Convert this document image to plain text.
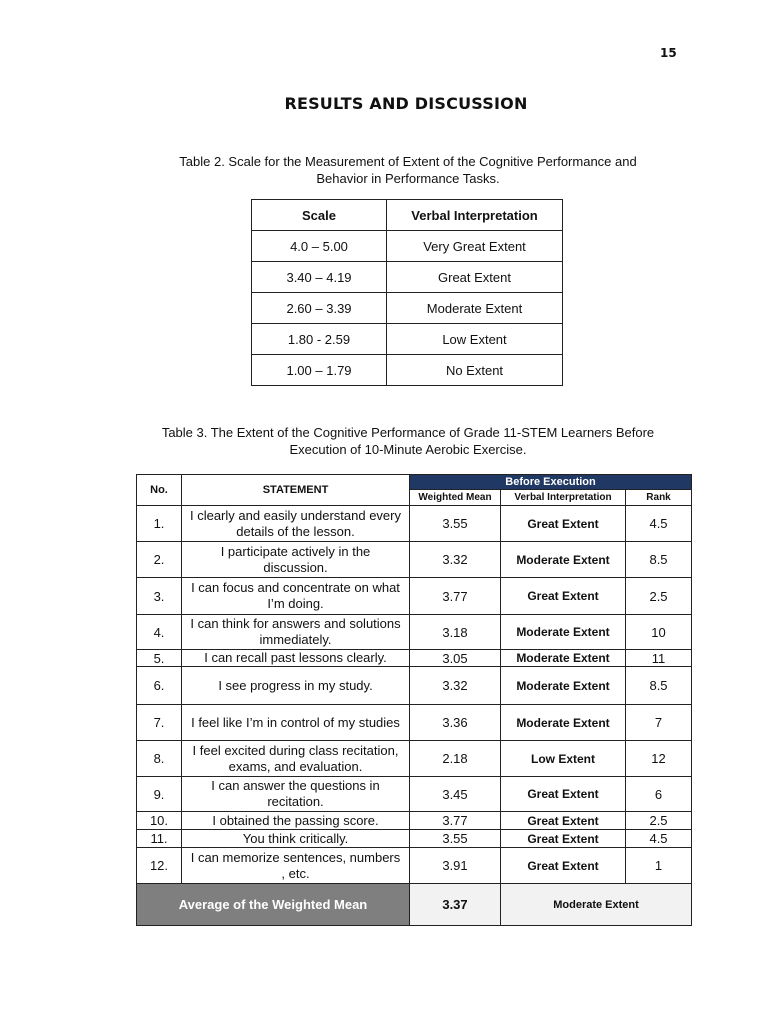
15
RESULTS AND DISCUSSION
Table 2. Scale for the Measurement of Extent of the Cognitive Performance and
Behavior in Performance Tasks.
Scale	Verbal Interpretation
4.0 – 5.00	Very Great Extent
3.40 – 4.19	Great Extent
2.60 – 3.39	Moderate Extent
1.80 - 2.59	Low Extent
1.00 – 1.79	No Extent
Table 3. The Extent of the Cognitive Performance of Grade 11-STEM Learners Before
Execution of 10-Minute Aerobic Exercise.
No.	STATEMENT	Before Execution		
		Weighted Mean	Verbal Interpretation	Rank
1.	I clearly and easily understand every details of the lesson.	3.55	Great Extent	4.5
2.	I participate actively in the discussion.	3.32	Moderate Extent	8.5
3.	I can focus and concentrate on what I’m doing.	3.77	Great Extent	2.5
4.	I can think for answers and solutions immediately.	3.18	Moderate Extent	10
5.	I can recall past lessons clearly.	3.05	Moderate Extent	11
6.	I see progress in my study.	3.32	Moderate Extent	8.5
7.	I feel like I’m in control of my studies	3.36	Moderate Extent	7
8.	I feel excited during class recitation, exams, and evaluation.	2.18	Low Extent	12
9.	I can answer the questions in recitation.	3.45	Great Extent	6
10.	I obtained the passing score.	3.77	Great Extent	2.5
11.	You think critically.	3.55	Great Extent	4.5
12.	I can memorize sentences, numbers , etc.	3.91	Great Extent	1
Average of the Weighted Mean		3.37	Moderate Extent	
